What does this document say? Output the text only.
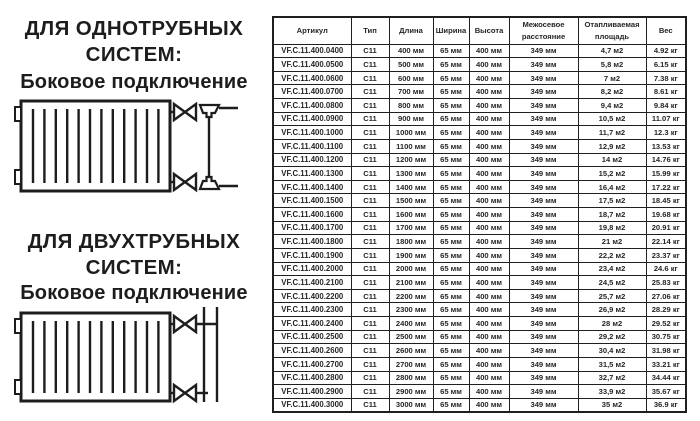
ДЛЯ ОДНОТРУБНЫХ
СИСТЕМ:
Боковое подключение
ДЛЯ ДВУХТРУБНЫХ
СИСТЕМ:
Боковое подключение
Артикул	Тип	Длина	Ширина	Высота	Межосевое расстояние	Отапливаемая площадь	Вес
VF.C.11.400.0400	C11	400 мм	65 мм	400 мм	349 мм	4,7 м2	4.92 кг
VF.C.11.400.0500	C11	500 мм	65 мм	400 мм	349 мм	5,8 м2	6.15 кг
VF.C.11.400.0600	C11	600 мм	65 мм	400 мм	349 мм	7 м2	7.38 кг
VF.C.11.400.0700	C11	700 мм	65 мм	400 мм	349 мм	8,2 м2	8.61 кг
VF.C.11.400.0800	C11	800 мм	65 мм	400 мм	349 мм	9,4 м2	9.84 кг
VF.C.11.400.0900	C11	900 мм	65 мм	400 мм	349 мм	10,5 м2	11.07 кг
VF.C.11.400.1000	C11	1000 мм	65 мм	400 мм	349 мм	11,7 м2	12.3 кг
VF.C.11.400.1100	C11	1100 мм	65 мм	400 мм	349 мм	12,9 м2	13.53 кг
VF.C.11.400.1200	C11	1200 мм	65 мм	400 мм	349 мм	14 м2	14.76 кг
VF.C.11.400.1300	C11	1300 мм	65 мм	400 мм	349 мм	15,2 м2	15.99 кг
VF.C.11.400.1400	C11	1400 мм	65 мм	400 мм	349 мм	16,4 м2	17.22 кг
VF.C.11.400.1500	C11	1500 мм	65 мм	400 мм	349 мм	17,5 м2	18.45 кг
VF.C.11.400.1600	C11	1600 мм	65 мм	400 мм	349 мм	18,7 м2	19.68 кг
VF.C.11.400.1700	C11	1700 мм	65 мм	400 мм	349 мм	19,8 м2	20.91 кг
VF.C.11.400.1800	C11	1800 мм	65 мм	400 мм	349 мм	21 м2	22.14 кг
VF.C.11.400.1900	C11	1900 мм	65 мм	400 мм	349 мм	22,2 м2	23.37 кг
VF.C.11.400.2000	C11	2000 мм	65 мм	400 мм	349 мм	23,4 м2	24.6 кг
VF.C.11.400.2100	C11	2100 мм	65 мм	400 мм	349 мм	24,5 м2	25.83 кг
VF.C.11.400.2200	C11	2200 мм	65 мм	400 мм	349 мм	25,7 м2	27.06 кг
VF.C.11.400.2300	C11	2300 мм	65 мм	400 мм	349 мм	26,9 м2	28.29 кг
VF.C.11.400.2400	C11	2400 мм	65 мм	400 мм	349 мм	28 м2	29.52 кг
VF.C.11.400.2500	C11	2500 мм	65 мм	400 мм	349 мм	29,2 м2	30.75 кг
VF.C.11.400.2600	C11	2600 мм	65 мм	400 мм	349 мм	30,4 м2	31.98 кг
VF.C.11.400.2700	C11	2700 мм	65 мм	400 мм	349 мм	31,5 м2	33.21 кг
VF.C.11.400.2800	C11	2800 мм	65 мм	400 мм	349 мм	32,7 м2	34.44 кг
VF.C.11.400.2900	C11	2900 мм	65 мм	400 мм	349 мм	33,9 м2	35.67 кг
VF.C.11.400.3000	C11	3000 мм	65 мм	400 мм	349 мм	35 м2	36.9 кг
